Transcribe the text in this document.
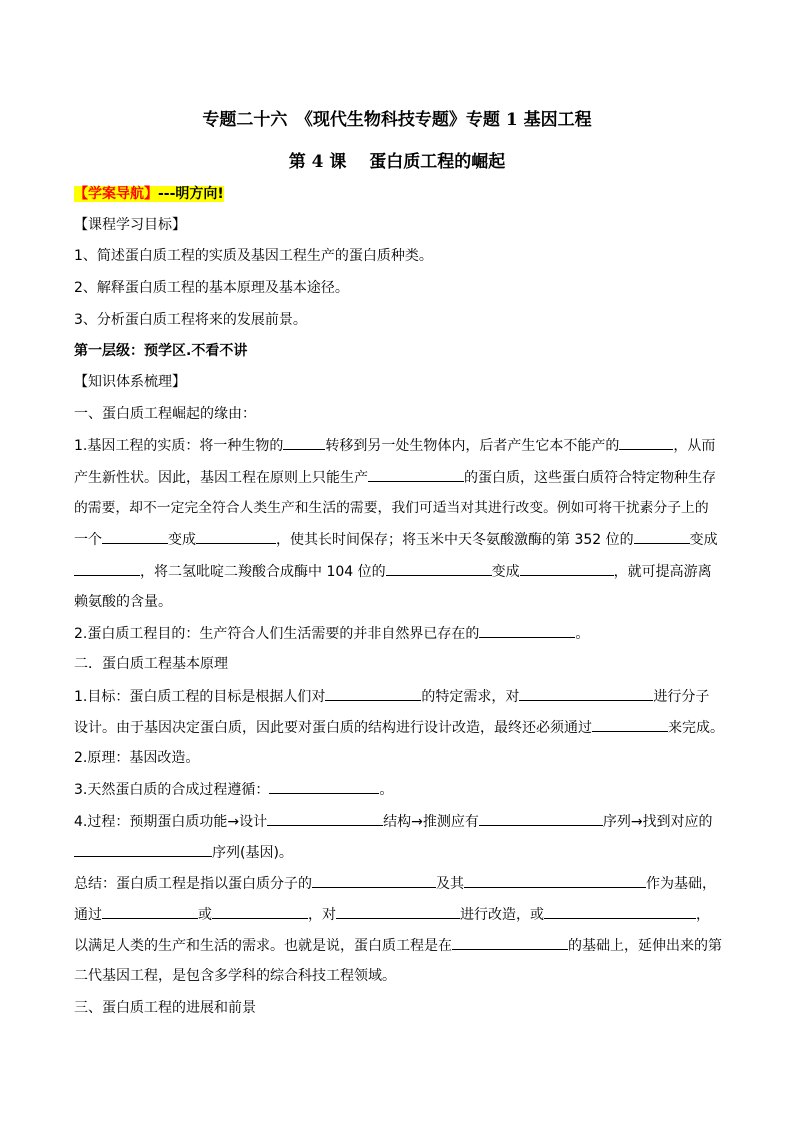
专题二十六　《现代生物科技专题》专题 1 基因工程
第 4 课　 蛋白质工程的崛起
【学案导航】---明方向!
【课程学习目标】
1、简述蛋白质工程的实质及基因工程生产的蛋白质种类。
2、解释蛋白质工程的基本原理及基本途径。
3、分析蛋白质工程将来的发展前景。
第一层级：预学区.不看不讲
【知识体系梳理】
一、蛋白质工程崛起的缘由：
1.基因工程的实质：将一种生物的	转移到另一处生物体内，后者产生它本不能产的	，从而
产生新性状。因此，基因工程在原则上只能生产	的蛋白质，这些蛋白质符合特定物种生存
的需要，却不一定完全符合人类生产和生活的需要，我们可适当对其进行改变。例如可将干扰素分子上的
一个	变成	，使其长时间保存；将玉米中天冬氨酸激酶的第 352 位的	变成
，将二氢吡啶二羧酸合成酶中 104 位的	变成	，就可提高游离
赖氨酸的含量。
2.蛋白质工程目的：生产符合人们生活需要的并非自然界已存在的	。
二．蛋白质工程基本原理
1.目标：蛋白质工程的目标是根据人们对	的特定需求，对	进行分子
设计。由于基因决定蛋白质，因此要对蛋白质的结构进行设计改造，最终还必须通过	来完成。
2.原理：基因改造。
3.天然蛋白质的合成过程遵循：	。
4.过程：预期蛋白质功能→设计	结构→推测应有	序列→找到对应的
序列(基因)。
总结：蛋白质工程是指以蛋白质分子的	及其	作为基础，
通过	或	，对	进行改造，或	，
以满足人类的生产和生活的需求。也就是说，蛋白质工程是在	的基础上，延伸出来的第
二代基因工程，是包含多学科的综合科技工程领域。
三、蛋白质工程的进展和前景
